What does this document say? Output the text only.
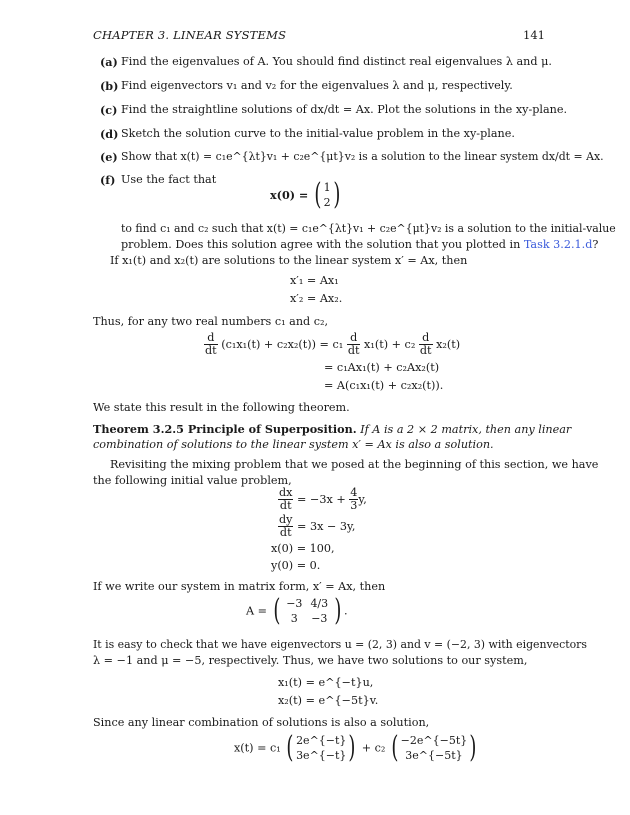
CHAPTER 3. LINEAR SYSTEMS	141
(a) Find the eigenvalues of A. You should find distinct real eigenvalues λ and μ.
(b) Find eigenvectors v₁ and v₂ for the eigenvalues λ and μ, respectively.
(c) Find the straightline solutions of dx/dt = Ax. Plot the solutions in the xy-plane.
(d) Sketch the solution curve to the initial-value problem in the xy-plane.
(e) Show that x(t) = c₁e^{λt}v₁ + c₂e^{μt}v₂ is a solution to the linear system dx/dt = Ax.
(f) Use the fact that
x(0) = ( 1
2 )
to find c₁ and c₂ such that x(t) = c₁e^{λt}v₁ + c₂e^{μt}v₂ is a solution to the initial-value
problem. Does this solution agree with the solution that you plotted in Task 3.2.1.d?
If x₁(t) and x₂(t) are solutions to the linear system x′ = Ax, then
x′₁ = Ax₁
x′₂ = Ax₂.
Thus, for any two real numbers c₁ and c₂,
$\frac{d}{dt} (c_1x_1(t) + c_2x_2(t)) = c_1 \frac{d}{dt} x_1(t) + c_2 \frac{d}{dt} x_2(t)$
= c₁Ax₁(t) + c₂Ax₂(t)
= A(c₁x₁(t) + c₂x₂(t)).
We state this result in the following theorem.
Theorem 3.2.5 Principle of Superposition. If A is a 2 × 2 matrix, then any linear
combination of solutions to the linear system x′ = Ax is also a solution.
Revisiting the mixing problem that we posed at the beginning of this section, we have
the following initial value problem,
$\frac{dx}{dt} = -3x + \frac{4}{3} y$,
$\frac{dy}{dt} = 3x - 3y$,
x(0) = 100,
y(0) = 0.
If we write our system in matrix form, x′ = Ax, then
A = ( −3 4/3
3 −3 ) .
It is easy to check that we have eigenvectors u = (2, 3) and v = (−2, 3) with eigenvectors
λ = −1 and μ = −5, respectively. Thus, we have two solutions to our system,
x₁(t) = e^{−t}u,
x₂(t) = e^{−5t}v.
Since any linear combination of solutions is also a solution,
x(t) = c₁ ( 2e^{−t}
3e^{−t} ) + c₂ ( −2e^{−5t}
3e^{−5t} )
